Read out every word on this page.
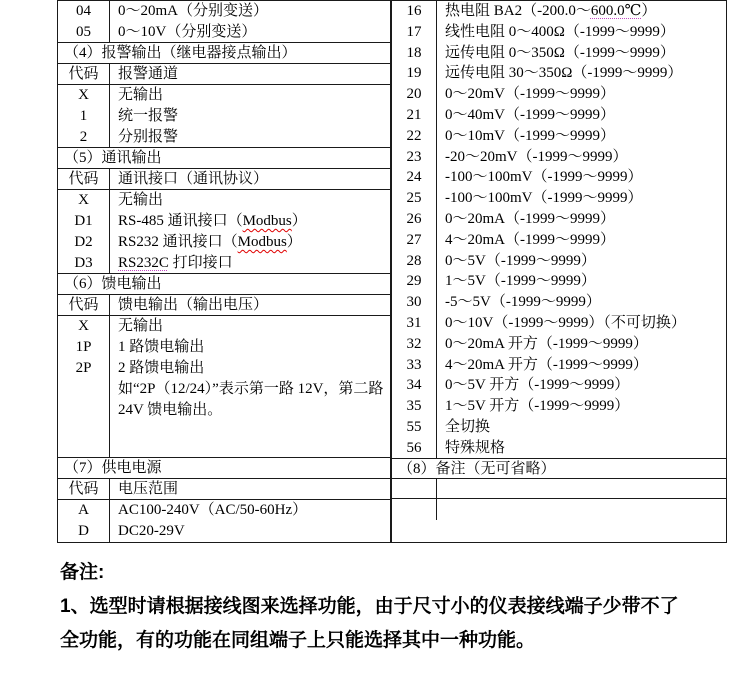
04	0～20mA（分别变送）
05	0～10V（分别变送）
（4）报警输出（继电器接点输出）
代码	报警通道
X	无输出
1	统一报警
2	分别报警
（5）通讯输出
代码	通讯接口（通讯协议）
X	无输出
D1	RS-485 通讯接口（Modbus）
D2	RS232 通讯接口（Modbus）
D3	RS232C 打印接口
（6）馈电输出
代码	馈电输出（输出电压）
X	无输出
1P	1 路馈电输出
2P	2 路馈电输出
如“2P（12/24）”表示第一路 12V，第二路
24V 馈电输出。
（7）供电电源
代码	电压范围
A	AC100-240V（AC/50-60Hz）
D	DC20-29V
16	热电阻 BA2（-200.0～600.0℃）
17	线性电阻 0～400Ω（-1999～9999）
18	远传电阻 0～350Ω（-1999～9999）
19	远传电阻 30～350Ω（-1999～9999）
20	0～20mV（-1999～9999）
21	0～40mV（-1999～9999）
22	0～10mV（-1999～9999）
23	-20～20mV（-1999～9999）
24	-100～100mV（-1999～9999）
25	-100～100mV（-1999～9999）
26	0～20mA（-1999～9999）
27	4～20mA（-1999～9999）
28	0～5V（-1999～9999）
29	1～5V（-1999～9999）
30	-5～5V（-1999～9999）
31	0～10V（-1999～9999）（不可切换）
32	0～20mA 开方（-1999～9999）
33	4～20mA 开方（-1999～9999）
34	0～5V 开方（-1999～9999）
35	1～5V 开方（-1999～9999）
55	全切换
56	特殊规格
（8）备注（无可省略）
备注:
1、选型时请根据接线图来选择功能，由于尺寸小的仪表接线端子少带不了
全功能，有的功能在同组端子上只能选择其中一种功能。
